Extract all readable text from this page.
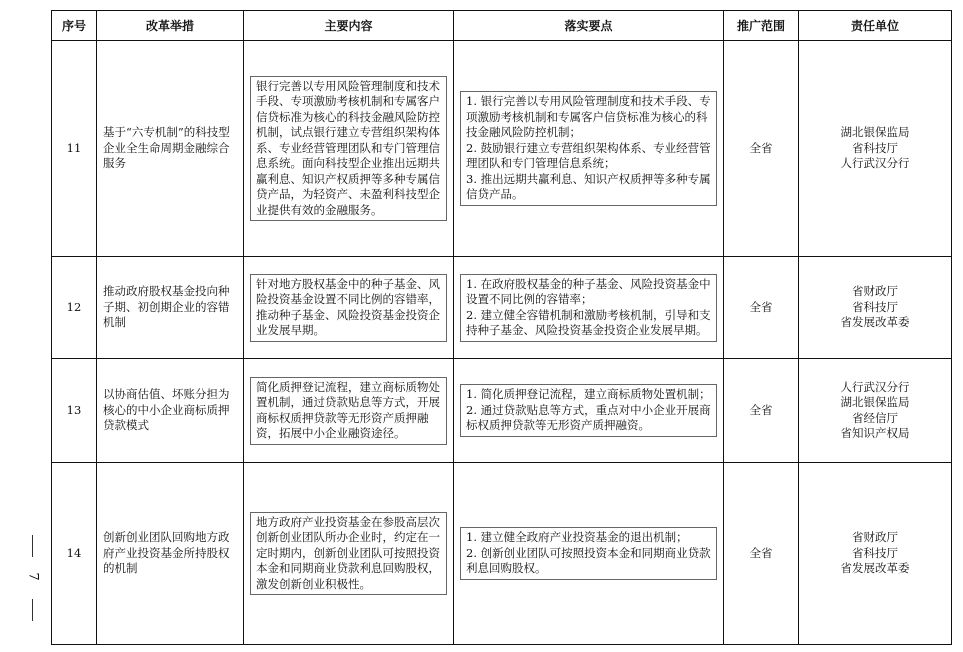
序号	改革举措	主要内容	落实要点	推广范围	责任单位
11	基于“六专机制”的科技型企业全生命周期金融综合服务	银行完善以专用风险管理制度和技术手段、专项激励考核机制和专属客户信贷标准为核心的科技金融风险防控机制，试点银行建立专营组织架构体系、专业经营管理团队和专门管理信息系统。面向科技型企业推出远期共赢利息、知识产权质押等多种专属信贷产品，为轻资产、未盈利科技型企业提供有效的金融服务。	1. 银行完善以专用风险管理制度和技术手段、专项激励考核机制和专属客户信贷标准为核心的科技金融风险防控机制；
2. 鼓励银行建立专营组织架构体系、专业经营管理团队和专门管理信息系统；
3. 推出远期共赢利息、知识产权质押等多种专属信贷产品。	全省	湖北银保监局
省科技厅
人行武汉分行

12	推动政府股权基金投向种子期、初创期企业的容错机制	针对地方股权基金中的种子基金、风险投资基金设置不同比例的容错率，推动种子基金、风险投资基金投资企业发展早期。	1. 在政府股权基金的种子基金、风险投资基金中设置不同比例的容错率；
2. 建立健全容错机制和激励考核机制，引导和支持种子基金、风险投资基金投资企业发展早期。	全省	省财政厅
省科技厅
省发展改革委

13	以协商估值、坏账分担为核心的中小企业商标质押贷款模式	简化质押登记流程，建立商标质物处置机制，通过贷款贴息等方式，开展商标权质押贷款等无形资产质押融资，拓展中小企业融资途径。	1. 简化质押登记流程，建立商标质物处置机制；
2. 通过贷款贴息等方式，重点对中小企业开展商标权质押贷款等无形资产质押融资。	全省	人行武汉分行
湖北银保监局
省经信厅
省知识产权局

14	创新创业团队回购地方政府产业投资基金所持股权的机制	地方政府产业投资基金在参股高层次创新创业团队所办企业时，约定在一定时期内，创新创业团队可按照投资本金和同期商业贷款利息回购股权，激发创新创业积极性。	1. 建立健全政府产业投资基金的退出机制；
2. 创新创业团队可按照投资本金和同期商业贷款利息回购股权。	全省	省财政厅
省科技厅
省发展改革委
7
